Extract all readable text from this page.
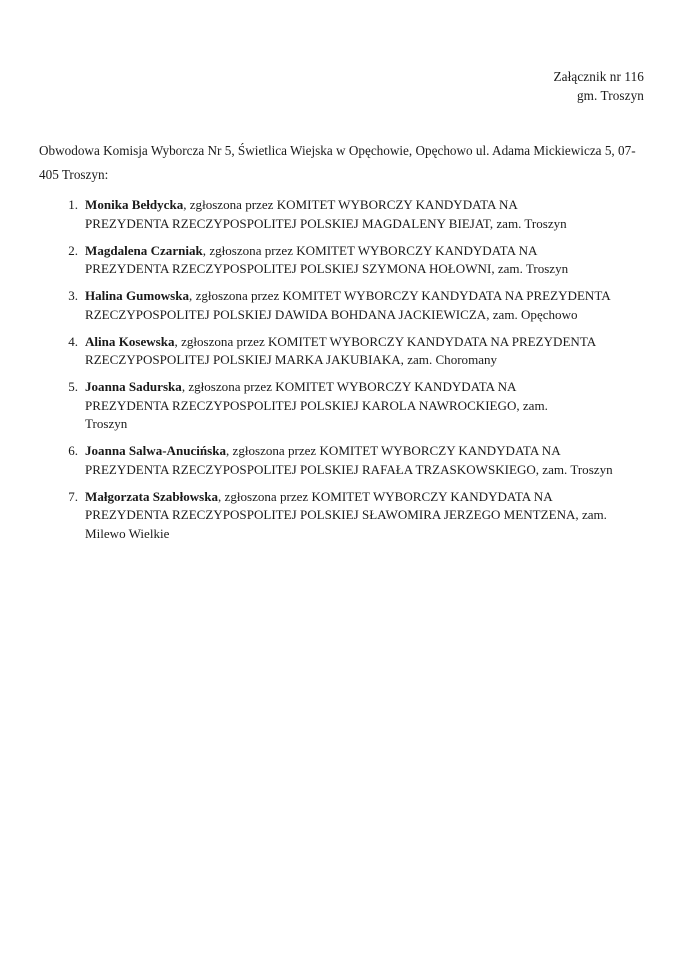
Załącznik nr 116
gm. Troszyn

Obwodowa Komisja Wyborcza Nr 5, Świetlica Wiejska w Opęchowie, Opęchowo ul. Adama Mickiewicza 5, 07-405 Troszyn:

1. Monika Bełdycka, zgłoszona przez KOMITET WYBORCZY KANDYDATA NA PREZYDENTA RZECZYPOSPOLITEJ POLSKIEJ MAGDALENY BIEJAT, zam. Troszyn
2. Magdalena Czarniak, zgłoszona przez KOMITET WYBORCZY KANDYDATA NA PREZYDENTA RZECZYPOSPOLITEJ POLSKIEJ SZYMONA HOŁOWNI, zam. Troszyn
3. Halina Gumowska, zgłoszona przez KOMITET WYBORCZY KANDYDATA NA PREZYDENTA RZECZYPOSPOLITEJ POLSKIEJ DAWIDA BOHDANA JACKIEWICZA, zam. Opęchowo
4. Alina Kosewska, zgłoszona przez KOMITET WYBORCZY KANDYDATA NA PREZYDENTA RZECZYPOSPOLITEJ POLSKIEJ MARKA JAKUBIAKA, zam. Choromany
5. Joanna Sadurska, zgłoszona przez KOMITET WYBORCZY KANDYDATA NA PREZYDENTA RZECZYPOSPOLITEJ POLSKIEJ KAROLA NAWROCKIEGO, zam. Troszyn
6. Joanna Salwa-Anucińska, zgłoszona przez KOMITET WYBORCZY KANDYDATA NA PREZYDENTA RZECZYPOSPOLITEJ POLSKIEJ RAFAŁA TRZASKOWSKIEGO, zam. Troszyn
7. Małgorzata Szabłowska, zgłoszona przez KOMITET WYBORCZY KANDYDATA NA PREZYDENTA RZECZYPOSPOLITEJ POLSKIEJ SŁAWOMIRA JERZEGO MENTZENA, zam. Milewo Wielkie
